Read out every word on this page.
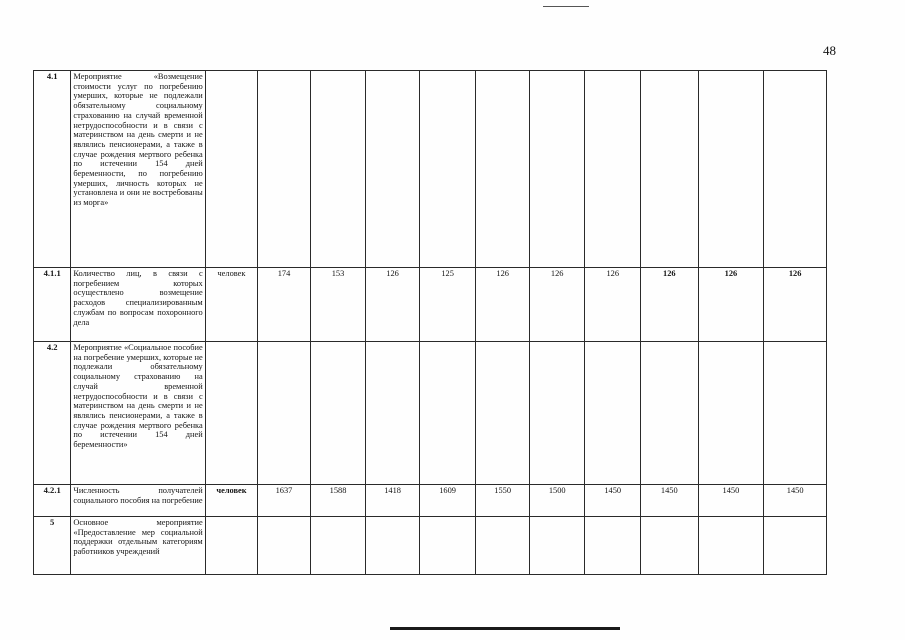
48
4.1	Мероприятие «Возмещение стоимости услуг по погребению умерших, которые не подлежали обязательному социальному страхованию на случай временной нетрудоспособности и в связи с материнством на день смерти и не являлись пенсионерами, а также в случае рождения мертвого ребенка по истечении 154 дней беременности, по погребению умерших, личность которых не установлена и они не востребованы из морга»											
4.1.1	Количество лиц, в связи с погребением которых осуществлено возмещение расходов специализированным службам по вопросам похоронного дела	человек	174	153	126	125	126	126	126	126	126	126
4.2	Мероприятие «Социальное пособие на погребение умерших, которые не подлежали обязательному социальному страхованию на случай временной нетрудоспособности и в связи с материнством на день смерти и не являлись пенсионерами, а также в случае рождения мертвого ребенка по истечении 154 дней беременности»											
4.2.1	Численность получателей социального пособия на погребение	человек	1637	1588	1418	1609	1550	1500	1450	1450	1450	1450
5	Основное мероприятие «Предоставление мер социальной поддержки отдельным категориям работников учреждений											
